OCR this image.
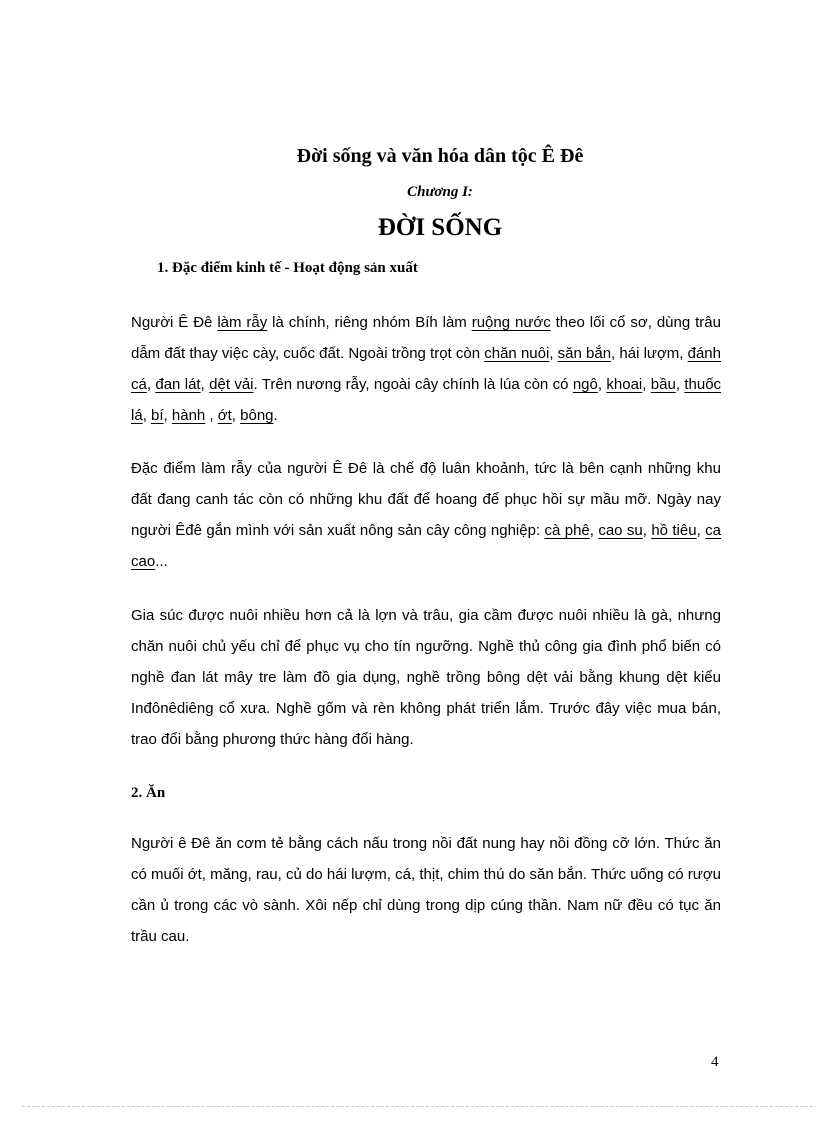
Đời sống và văn hóa dân tộc Ê Đê
Chương I:
ĐỜI SỐNG
1. Đặc điểm kinh tế - Hoạt động sản xuất

Người Ê Đê làm rẫy là chính, riêng nhóm Bíh làm ruộng nước theo lối cổ sơ, dùng trâu dẫm đất thay việc cày, cuốc đất. Ngoài trồng trọt còn chăn nuôi, săn bắn, hái lượm, đánh cá, đan lát, dệt vải. Trên nương rẫy, ngoài cây chính là lúa còn có ngô, khoai, bầu, thuốc lá, bí, hành , ớt, bông.

Đặc điểm làm rẫy của người Ê Đê là chế độ luân khoảnh, tức là bên cạnh những khu đất đang canh tác còn có những khu đất để hoang để phục hồi sự mầu mỡ. Ngày nay người Êđê gắn mình với sản xuất nông sản cây công nghiệp: cà phê, cao su, hồ tiêu, ca cao...

Gia súc được nuôi nhiều hơn cả là lợn và trâu, gia cầm được nuôi nhiều là gà, nhưng chăn nuôi chủ yếu chỉ để phục vụ cho tín ngưỡng. Nghề thủ công gia đình phổ biến có nghề đan lát mây tre làm đồ gia dụng, nghề trồng bông dệt vải bằng khung dệt kiểu Inđônêdiêng cổ xưa. Nghề gốm và rèn không phát triển lắm. Trước đây việc mua bán, trao đổi bằng phương thức hàng đổi hàng.

2. Ăn

Người ê Đê ăn cơm tẻ bằng cách nấu trong nồi đất nung hay nồi đồng cỡ lớn. Thức ăn có muối ớt, măng, rau, củ do hái lượm, cá, thịt, chim thú do săn bắn. Thức uống có rượu cần ủ trong các vò sành. Xôi nếp chỉ dùng trong dịp cúng thần. Nam nữ đều có tục ăn trầu cau.

4
